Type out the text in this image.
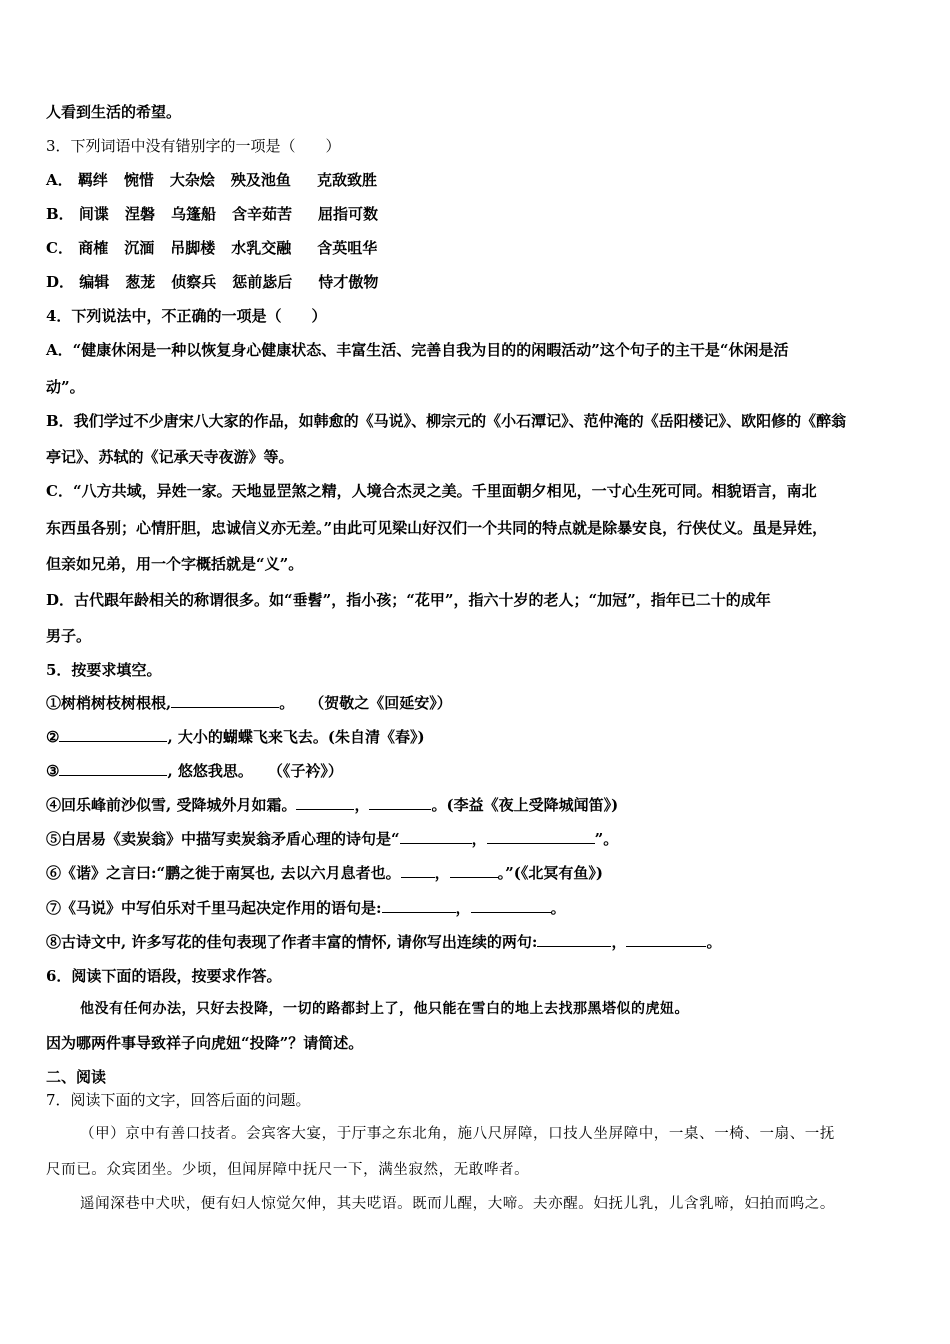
人看到生活的希望。
3．下列词语中没有错别字的一项是（　　）
A． 羁绊 惋惜 大杂烩 殃及池鱼 克敌致胜
B． 间谍 涅磐 乌篷船 含辛茹苦 屈指可数
C． 商榷 沉湎 吊脚楼 水乳交融 含英咀华
D． 编辑 葱茏 侦察兵 惩前毖后 恃才傲物
4．下列说法中，不正确的一项是（　　）
A．“健康休闲是一种以恢复身心健康状态、丰富生活、完善自我为目的的闲暇活动”这个句子的主干是“休闲是活
动”。
B．我们学过不少唐宋八大家的作品，如韩愈的《马说》、柳宗元的《小石潭记》、范仲淹的《岳阳楼记》、欧阳修的《醉翁
亭记》、苏轼的《记承天寺夜游》等。
C．“八方共域，异姓一家。天地显罡煞之精，人境合杰灵之美。千里面朝夕相见，一寸心生死可同。相貌语言，南北
东西虽各别；心情肝胆，忠诚信义亦无差。”由此可见梁山好汉们一个共同的特点就是除暴安良，行侠仗义。虽是异姓，
但亲如兄弟，用一个字概括就是“义”。
D．古代跟年龄相关的称谓很多。如“垂髫”，指小孩；“花甲”，指六十岁的老人；“加冠”，指年已二十的成年
男子。
5．按要求填空。
①树梢树枝树根根,	。　　（贺敬之《回延安》）
②	, 大小的蝴蝶飞来飞去。(朱自清《春》)
③	, 悠悠我思。　　（《子衿》）
④回乐峰前沙似雪, 受降城外月如霜。	，	。(李益《夜上受降城闻笛》)
⑤白居易《卖炭翁》中描写卖炭翁矛盾心理的诗句是“	，	”。
⑥《谐》之言曰:“鹏之徙于南冥也, 去以六月息者也。 ，	。”(《北冥有鱼》)
⑦《马说》中写伯乐对千里马起决定作用的语句是:	，	。
⑧古诗文中, 许多写花的佳句表现了作者丰富的情怀, 请你写出连续的两句:	，	。
6．阅读下面的语段，按要求作答。
他没有任何办法，只好去投降，一切的路都封上了，他只能在雪白的地上去找那黑塔似的虎妞。
因为哪两件事导致祥子向虎妞“投降”？请简述。
二、阅读
7．阅读下面的文字，回答后面的问题。
（甲）京中有善口技者。会宾客大宴，于厅事之东北角，施八尺屏障，口技人坐屏障中，一桌、一椅、一扇、一抚
尺而已。众宾团坐。少顷，但闻屏障中抚尺一下，满坐寂然，无敢哗者。
遥闻深巷中犬吠，便有妇人惊觉欠伸，其夫呓语。既而儿醒，大啼。夫亦醒。妇抚儿乳，儿含乳啼，妇拍而呜之。
